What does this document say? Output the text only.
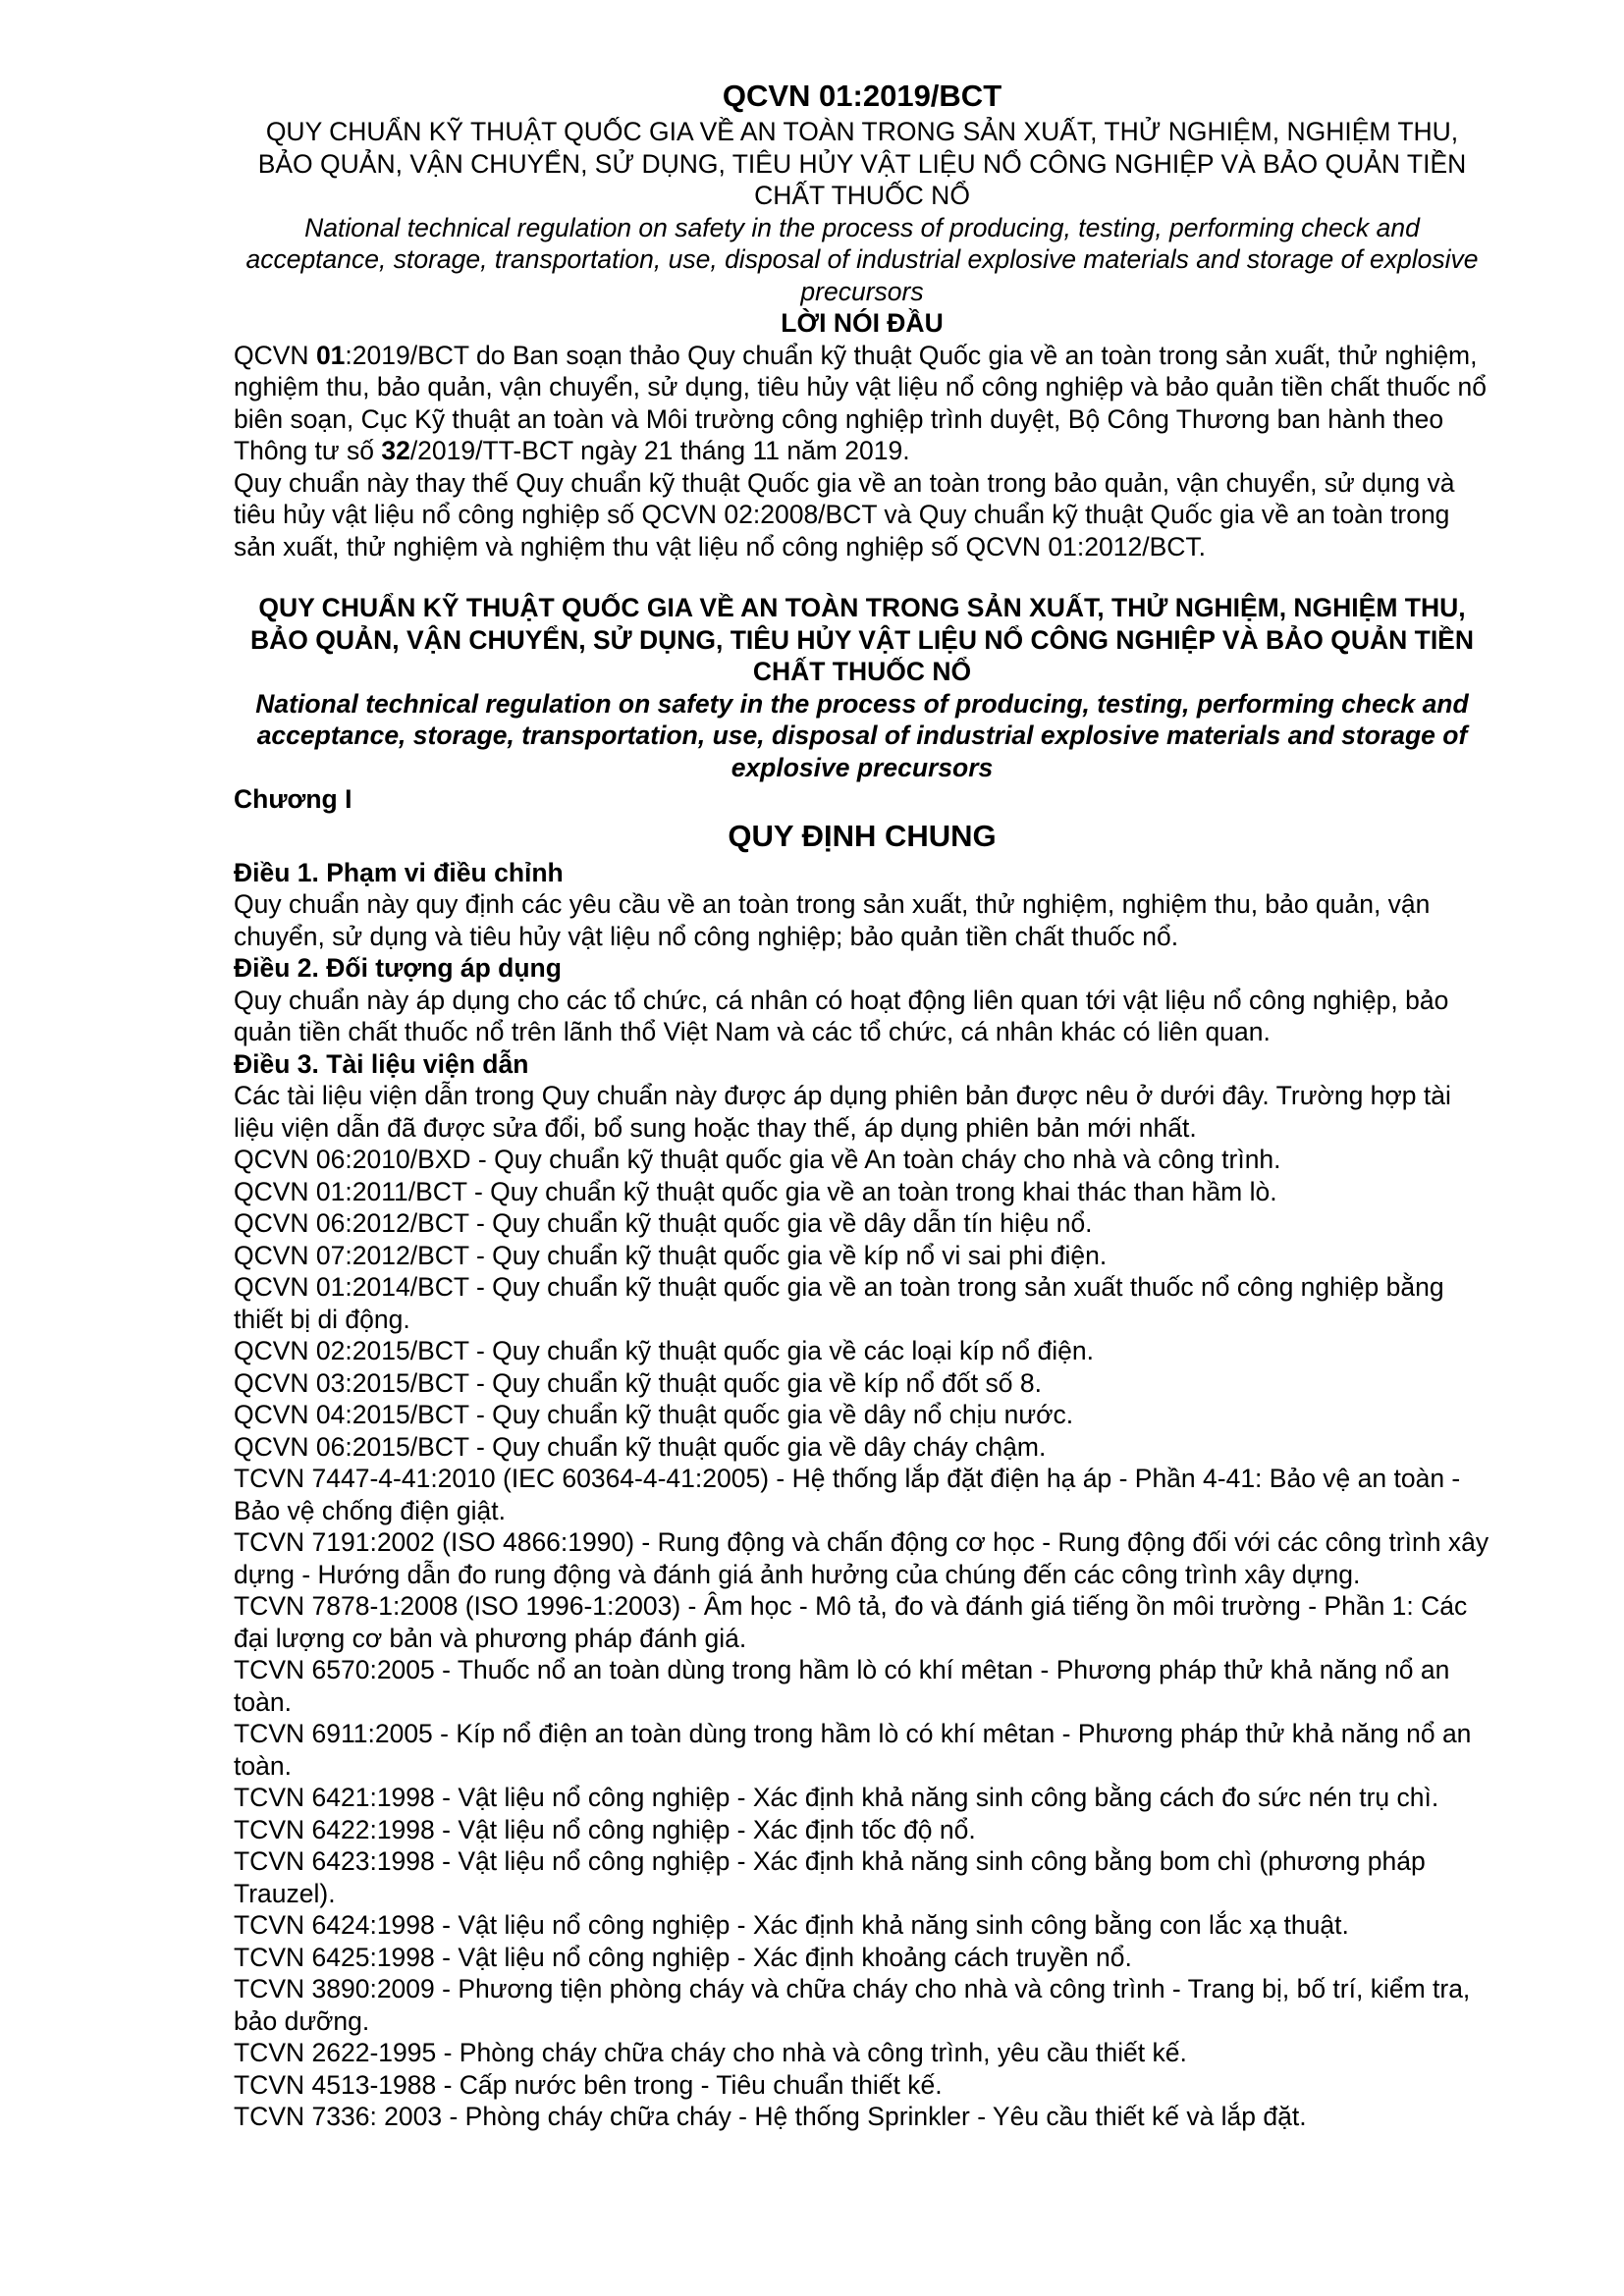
QCVN 01:2019/BCT

QUY CHUẨN KỸ THUẬT QUỐC GIA VỀ AN TOÀN TRONG SẢN XUẤT, THỬ NGHIỆM, NGHIỆM THU, BẢO QUẢN, VẬN CHUYỂN, SỬ DỤNG, TIÊU HỦY VẬT LIỆU NỔ CÔNG NGHIỆP VÀ BẢO QUẢN TIỀN CHẤT THUỐC NỔ

National technical regulation on safety in the process of producing, testing, performing check and acceptance, storage, transportation, use, disposal of industrial explosive materials and storage of explosive precursors

LỜI NÓI ĐẦU

QCVN 01:2019/BCT do Ban soạn thảo Quy chuẩn kỹ thuật Quốc gia về an toàn trong sản xuất, thử nghiệm, nghiệm thu, bảo quản, vận chuyển, sử dụng, tiêu hủy vật liệu nổ công nghiệp và bảo quản tiền chất thuốc nổ biên soạn, Cục Kỹ thuật an toàn và Môi trường công nghiệp trình duyệt, Bộ Công Thương ban hành theo Thông tư số 32/2019/TT-BCT ngày 21 tháng 11 năm 2019.

Quy chuẩn này thay thế Quy chuẩn kỹ thuật Quốc gia về an toàn trong bảo quản, vận chuyển, sử dụng và tiêu hủy vật liệu nổ công nghiệp số QCVN 02:2008/BCT và Quy chuẩn kỹ thuật Quốc gia về an toàn trong sản xuất, thử nghiệm và nghiệm thu vật liệu nổ công nghiệp số QCVN 01:2012/BCT.

QUY CHUẨN KỸ THUẬT QUỐC GIA VỀ AN TOÀN TRONG SẢN XUẤT, THỬ NGHIỆM, NGHIỆM THU, BẢO QUẢN, VẬN CHUYỂN, SỬ DỤNG, TIÊU HỦY VẬT LIỆU NỔ CÔNG NGHIỆP VÀ BẢO QUẢN TIỀN CHẤT THUỐC NỔ

National technical regulation on safety in the process of producing, testing, performing check and acceptance, storage, transportation, use, disposal of industrial explosive materials and storage of explosive precursors

Chương I

QUY ĐỊNH CHUNG

Điều 1. Phạm vi điều chỉnh

Quy chuẩn này quy định các yêu cầu về an toàn trong sản xuất, thử nghiệm, nghiệm thu, bảo quản, vận chuyển, sử dụng và tiêu hủy vật liệu nổ công nghiệp; bảo quản tiền chất thuốc nổ.

Điều 2. Đối tượng áp dụng

Quy chuẩn này áp dụng cho các tổ chức, cá nhân có hoạt động liên quan tới vật liệu nổ công nghiệp, bảo quản tiền chất thuốc nổ trên lãnh thổ Việt Nam và các tổ chức, cá nhân khác có liên quan.

Điều 3. Tài liệu viện dẫn

Các tài liệu viện dẫn trong Quy chuẩn này được áp dụng phiên bản được nêu ở dưới đây. Trường hợp tài liệu viện dẫn đã được sửa đổi, bổ sung hoặc thay thế, áp dụng phiên bản mới nhất.

QCVN 06:2010/BXD - Quy chuẩn kỹ thuật quốc gia về An toàn cháy cho nhà và công trình.

QCVN 01:2011/BCT - Quy chuẩn kỹ thuật quốc gia về an toàn trong khai thác than hầm lò.

QCVN 06:2012/BCT - Quy chuẩn kỹ thuật quốc gia về dây dẫn tín hiệu nổ.

QCVN 07:2012/BCT - Quy chuẩn kỹ thuật quốc gia về kíp nổ vi sai phi điện.

QCVN 01:2014/BCT - Quy chuẩn kỹ thuật quốc gia về an toàn trong sản xuất thuốc nổ công nghiệp bằng thiết bị di động.

QCVN 02:2015/BCT - Quy chuẩn kỹ thuật quốc gia về các loại kíp nổ điện.

QCVN 03:2015/BCT - Quy chuẩn kỹ thuật quốc gia về kíp nổ đốt số 8.

QCVN 04:2015/BCT - Quy chuẩn kỹ thuật quốc gia về dây nổ chịu nước.

QCVN 06:2015/BCT - Quy chuẩn kỹ thuật quốc gia về dây cháy chậm.

TCVN 7447-4-41:2010 (IEC 60364-4-41:2005) - Hệ thống lắp đặt điện hạ áp - Phần 4-41: Bảo vệ an toàn - Bảo vệ chống điện giật.

TCVN 7191:2002 (ISO 4866:1990) - Rung động và chấn động cơ học - Rung động đối với các công trình xây dựng - Hướng dẫn đo rung động và đánh giá ảnh hưởng của chúng đến các công trình xây dựng.

TCVN 7878-1:2008 (ISO 1996-1:2003) - Âm học - Mô tả, đo và đánh giá tiếng ồn môi trường - Phần 1: Các đại lượng cơ bản và phương pháp đánh giá.

TCVN 6570:2005 - Thuốc nổ an toàn dùng trong hầm lò có khí mêtan - Phương pháp thử khả năng nổ an toàn.

TCVN 6911:2005 - Kíp nổ điện an toàn dùng trong hầm lò có khí mêtan - Phương pháp thử khả năng nổ an toàn.

TCVN 6421:1998 - Vật liệu nổ công nghiệp - Xác định khả năng sinh công bằng cách đo sức nén trụ chì.

TCVN 6422:1998 - Vật liệu nổ công nghiệp - Xác định tốc độ nổ.

TCVN 6423:1998 - Vật liệu nổ công nghiệp - Xác định khả năng sinh công bằng bom chì (phương pháp Trauzel).

TCVN 6424:1998 - Vật liệu nổ công nghiệp - Xác định khả năng sinh công bằng con lắc xạ thuật.

TCVN 6425:1998 - Vật liệu nổ công nghiệp - Xác định khoảng cách truyền nổ.

TCVN 3890:2009 - Phương tiện phòng cháy và chữa cháy cho nhà và công trình - Trang bị, bố trí, kiểm tra, bảo dưỡng.

TCVN 2622-1995 - Phòng cháy chữa cháy cho nhà và công trình, yêu cầu thiết kế.

TCVN 4513-1988 - Cấp nước bên trong - Tiêu chuẩn thiết kế.

TCVN 7336: 2003 - Phòng cháy chữa cháy - Hệ thống Sprinkler - Yêu cầu thiết kế và lắp đặt.
